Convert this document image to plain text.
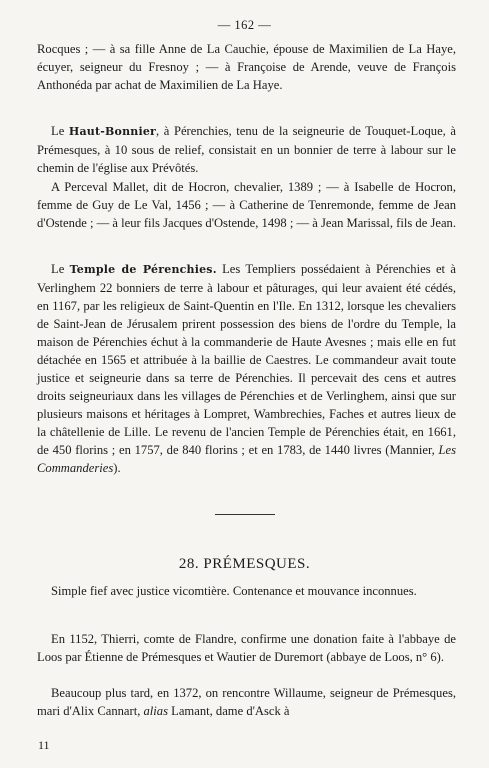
— 162 —

Rocques ; — à sa fille Anne de La Cauchie, épouse de Maximilien de La Haye, écuyer, seigneur du Fresnoy ; — à Françoise de Arende, veuve de François Anthonéda par achat de Maximilien de La Haye.

Le Haut-Bonnier, à Pérenchies, tenu de la seigneurie de Touquet-Loque, à Prémesques, à 10 sous de relief, consistait en un bonnier de terre à labour sur le chemin de l'église aux Prévôtés.

A Perceval Mallet, dit de Hocron, chevalier, 1389 ; — à Isabelle de Hocron, femme de Guy de Le Val, 1456 ; — à Catherine de Tenremonde, femme de Jean d'Ostende ; — à leur fils Jacques d'Ostende, 1498 ; — à Jean Marissal, fils de Jean.

Le Temple de Pérenchies. Les Templiers possédaient à Pérenchies et à Verlinghem 22 bonniers de terre à labour et pâturages, qui leur avaient été cédés, en 1167, par les religieux de Saint-Quentin en l'Ile. En 1312, lorsque les chevaliers de Saint-Jean de Jérusalem prirent possession des biens de l'ordre du Temple, la maison de Pérenchies échut à la commanderie de Haute Avesnes ; mais elle en fut détachée en 1565 et attribuée à la baillie de Caestres. Le commandeur avait toute justice et seigneurie dans sa terre de Pérenchies. Il percevait des cens et autres droits seigneuriaux dans les villages de Pérenchies et de Verlinghem, ainsi que sur plusieurs maisons et héritages à Lompret, Wambrechies, Faches et autres lieux de la châtellenie de Lille. Le revenu de l'ancien Temple de Pérenchies était, en 1661, de 450 florins ; en 1757, de 840 florins ; et en 1783, de 1440 livres (Mannier, Les Commanderies).

28. PRÉMESQUES.

Simple fief avec justice vicomtière. Contenance et mouvance inconnues.

En 1152, Thierri, comte de Flandre, confirme une donation faite à l'abbaye de Loos par Étienne de Prémesques et Wautier de Duremort (abbaye de Loos, n° 6).

Beaucoup plus tard, en 1372, on rencontre Willaume, seigneur de Prémesques, mari d'Alix Cannart, alias Lamant, dame d'Asck à

11
